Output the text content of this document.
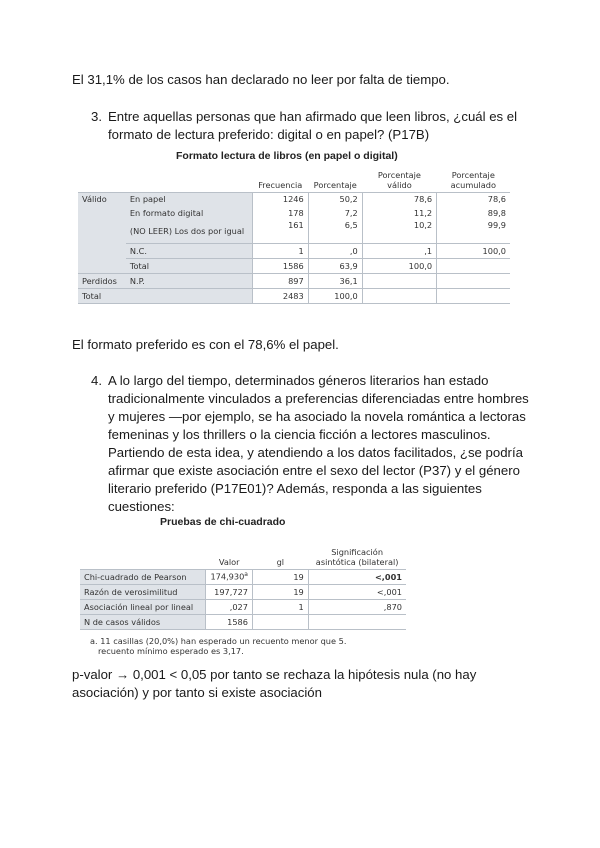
El 31,1% de los casos han declarado no leer por falta de tiempo.
3. Entre aquellas personas que han afirmado que leen libros, ¿cuál es el
formato de lectura preferido: digital o en papel? (P17B)
Formato lectura de libros (en papel o digital)
		Frecuencia	Porcentaje	Porcentaje válido	Porcentaje acumulado
Válido	En papel	1246	50,2	78,6	78,6
	En formato digital	178	7,2	11,2	89,8
	(NO LEER) Los dos por igual	161	6,5	10,2	99,9
	N.C.	1	,0	,1	100,0
	Total	1586	63,9	100,0	
Perdidos	N.P.	897	36,1		
Total		2483	100,0		
El formato preferido es con el 78,6% el papel.
4. A lo largo del tiempo, determinados géneros literarios han estado
tradicionalmente vinculados a preferencias diferenciadas entre hombres
y mujeres —por ejemplo, se ha asociado la novela romántica a lectoras
femeninas y los thrillers o la ciencia ficción a lectores masculinos.
Partiendo de esta idea, y atendiendo a los datos facilitados, ¿se podría
afirmar que existe asociación entre el sexo del lector (P37) y el género
literario preferido (P17E01)? Además, responda a las siguientes
cuestiones:
Pruebas de chi-cuadrado
	Valor	gl	Significación asintótica (bilateral)
Chi-cuadrado de Pearson	174,930$^a$	19	<,001
Razón de verosimilitud	197,727	19	<,001
Asociación lineal por lineal	,027	1	,870
N de casos válidos	1586		
a. 11 casillas (20,0%) han esperado un recuento menor que 5.
recuento mínimo esperado es 3,17.
p-valor → 0,001 < 0,05 por tanto se rechaza la hipótesis nula (no hay
asociación) y por tanto si existe asociación
